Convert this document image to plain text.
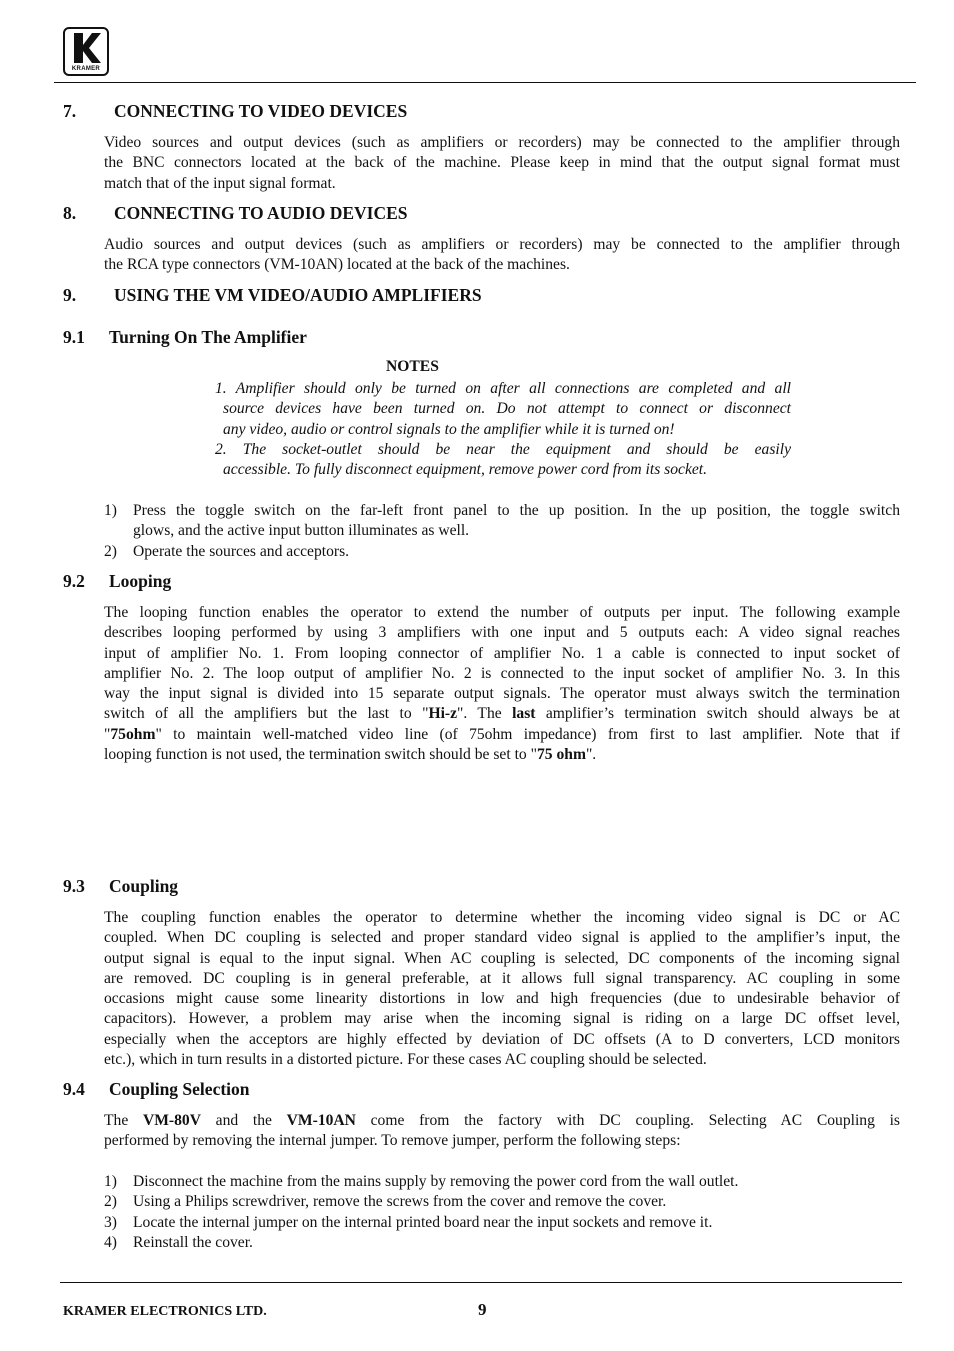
KRAMER
7. CONNECTING TO VIDEO DEVICES
Video sources and output devices (such as amplifiers or recorders) may be connected to the amplifier through
the BNC connectors located at the back of the machine. Please keep in mind that the output signal format must
match that of the input signal format.
8. CONNECTING TO AUDIO DEVICES
Audio sources and output devices (such as amplifiers or recorders) may be connected to the amplifier through
the RCA type connectors (VM-10AN) located at the back of the machines.
9. USING THE VM VIDEO/AUDIO AMPLIFIERS
9.1 Turning On The Amplifier
NOTES
1. Amplifier should only be turned on after all connections are completed and all
source devices have been turned on. Do not attempt to connect or disconnect
any video, audio or control signals to the amplifier while it is turned on!
2. The socket-outlet should be near the equipment and should be easily
accessible. To fully disconnect equipment, remove power cord from its socket.
1) Press the toggle switch on the far-left front panel to the up position. In the up position, the toggle switch
glows, and the active input button illuminates as well.
2) Operate the sources and acceptors.
9.2 Looping
The looping function enables the operator to extend the number of outputs per input. The following example
describes looping performed by using 3 amplifiers with one input and 5 outputs each: A video signal reaches
input of amplifier No. 1. From looping connector of amplifier No. 1 a cable is connected to input socket of
amplifier No. 2. The loop output of amplifier No. 2 is connected to the input socket of amplifier No. 3. In this
way the input signal is divided into 15 separate output signals. The operator must always switch the termination
switch of all the amplifiers but the last to "Hi-z". The last amplifier’s termination switch should always be at
"75ohm" to maintain well-matched video line (of 75ohm impedance) from first to last amplifier. Note that if
looping function is not used, the termination switch should be set to "75 ohm".
9.3 Coupling
The coupling function enables the operator to determine whether the incoming video signal is DC or AC
coupled. When DC coupling is selected and proper standard video signal is applied to the amplifier’s input, the
output signal is equal to the input signal. When AC coupling is selected, DC components of the incoming signal
are removed. DC coupling is in general preferable, at it allows full signal transparency. AC coupling in some
occasions might cause some linearity distortions in low and high frequencies (due to undesirable behavior of
capacitors). However, a problem may arise when the incoming signal is riding on a large DC offset level,
especially when the acceptors are highly effected by deviation of DC offsets (A to D converters, LCD monitors
etc.), which in turn results in a distorted picture. For these cases AC coupling should be selected.
9.4 Coupling Selection
The VM-80V and the VM-10AN come from the factory with DC coupling. Selecting AC Coupling is
performed by removing the internal jumper. To remove jumper, perform the following steps:
1) Disconnect the machine from the mains supply by removing the power cord from the wall outlet.
2) Using a Philips screwdriver, remove the screws from the cover and remove the cover.
3) Locate the internal jumper on the internal printed board near the input sockets and remove it.
4) Reinstall the cover.
KRAMER ELECTRONICS LTD.	9
